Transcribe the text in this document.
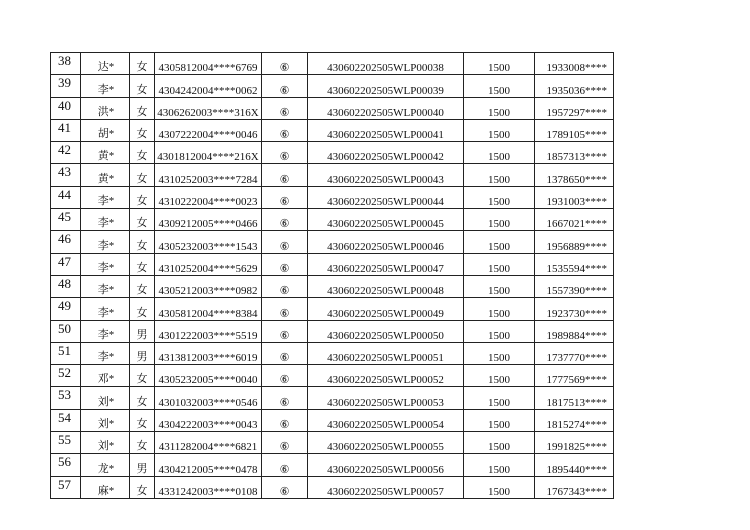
38	达*	女	4305812004****6769	⑥	430602202505WLP00038	1500	1933008****
39	李*	女	4304242004****0062	⑥	430602202505WLP00039	1500	1935036****
40	洪*	女	4306262003****316X	⑥	430602202505WLP00040	1500	1957297****
41	胡*	女	4307222004****0046	⑥	430602202505WLP00041	1500	1789105****
42	黄*	女	4301812004****216X	⑥	430602202505WLP00042	1500	1857313****
43	黄*	女	4310252003****7284	⑥	430602202505WLP00043	1500	1378650****
44	李*	女	4310222004****0023	⑥	430602202505WLP00044	1500	1931003****
45	李*	女	4309212005****0466	⑥	430602202505WLP00045	1500	1667021****
46	李*	女	4305232003****1543	⑥	430602202505WLP00046	1500	1956889****
47	李*	女	4310252004****5629	⑥	430602202505WLP00047	1500	1535594****
48	李*	女	4305212003****0982	⑥	430602202505WLP00048	1500	1557390****
49	李*	女	4305812004****8384	⑥	430602202505WLP00049	1500	1923730****
50	李*	男	4301222003****5519	⑥	430602202505WLP00050	1500	1989884****
51	李*	男	4313812003****6019	⑥	430602202505WLP00051	1500	1737770****
52	邓*	女	4305232005****0040	⑥	430602202505WLP00052	1500	1777569****
53	刘*	女	4301032003****0546	⑥	430602202505WLP00053	1500	1817513****
54	刘*	女	4304222003****0043	⑥	430602202505WLP00054	1500	1815274****
55	刘*	女	4311282004****6821	⑥	430602202505WLP00055	1500	1991825****
56	龙*	男	4304212005****0478	⑥	430602202505WLP00056	1500	1895440****
57	麻*	女	4331242003****0108	⑥	430602202505WLP00057	1500	1767343****
